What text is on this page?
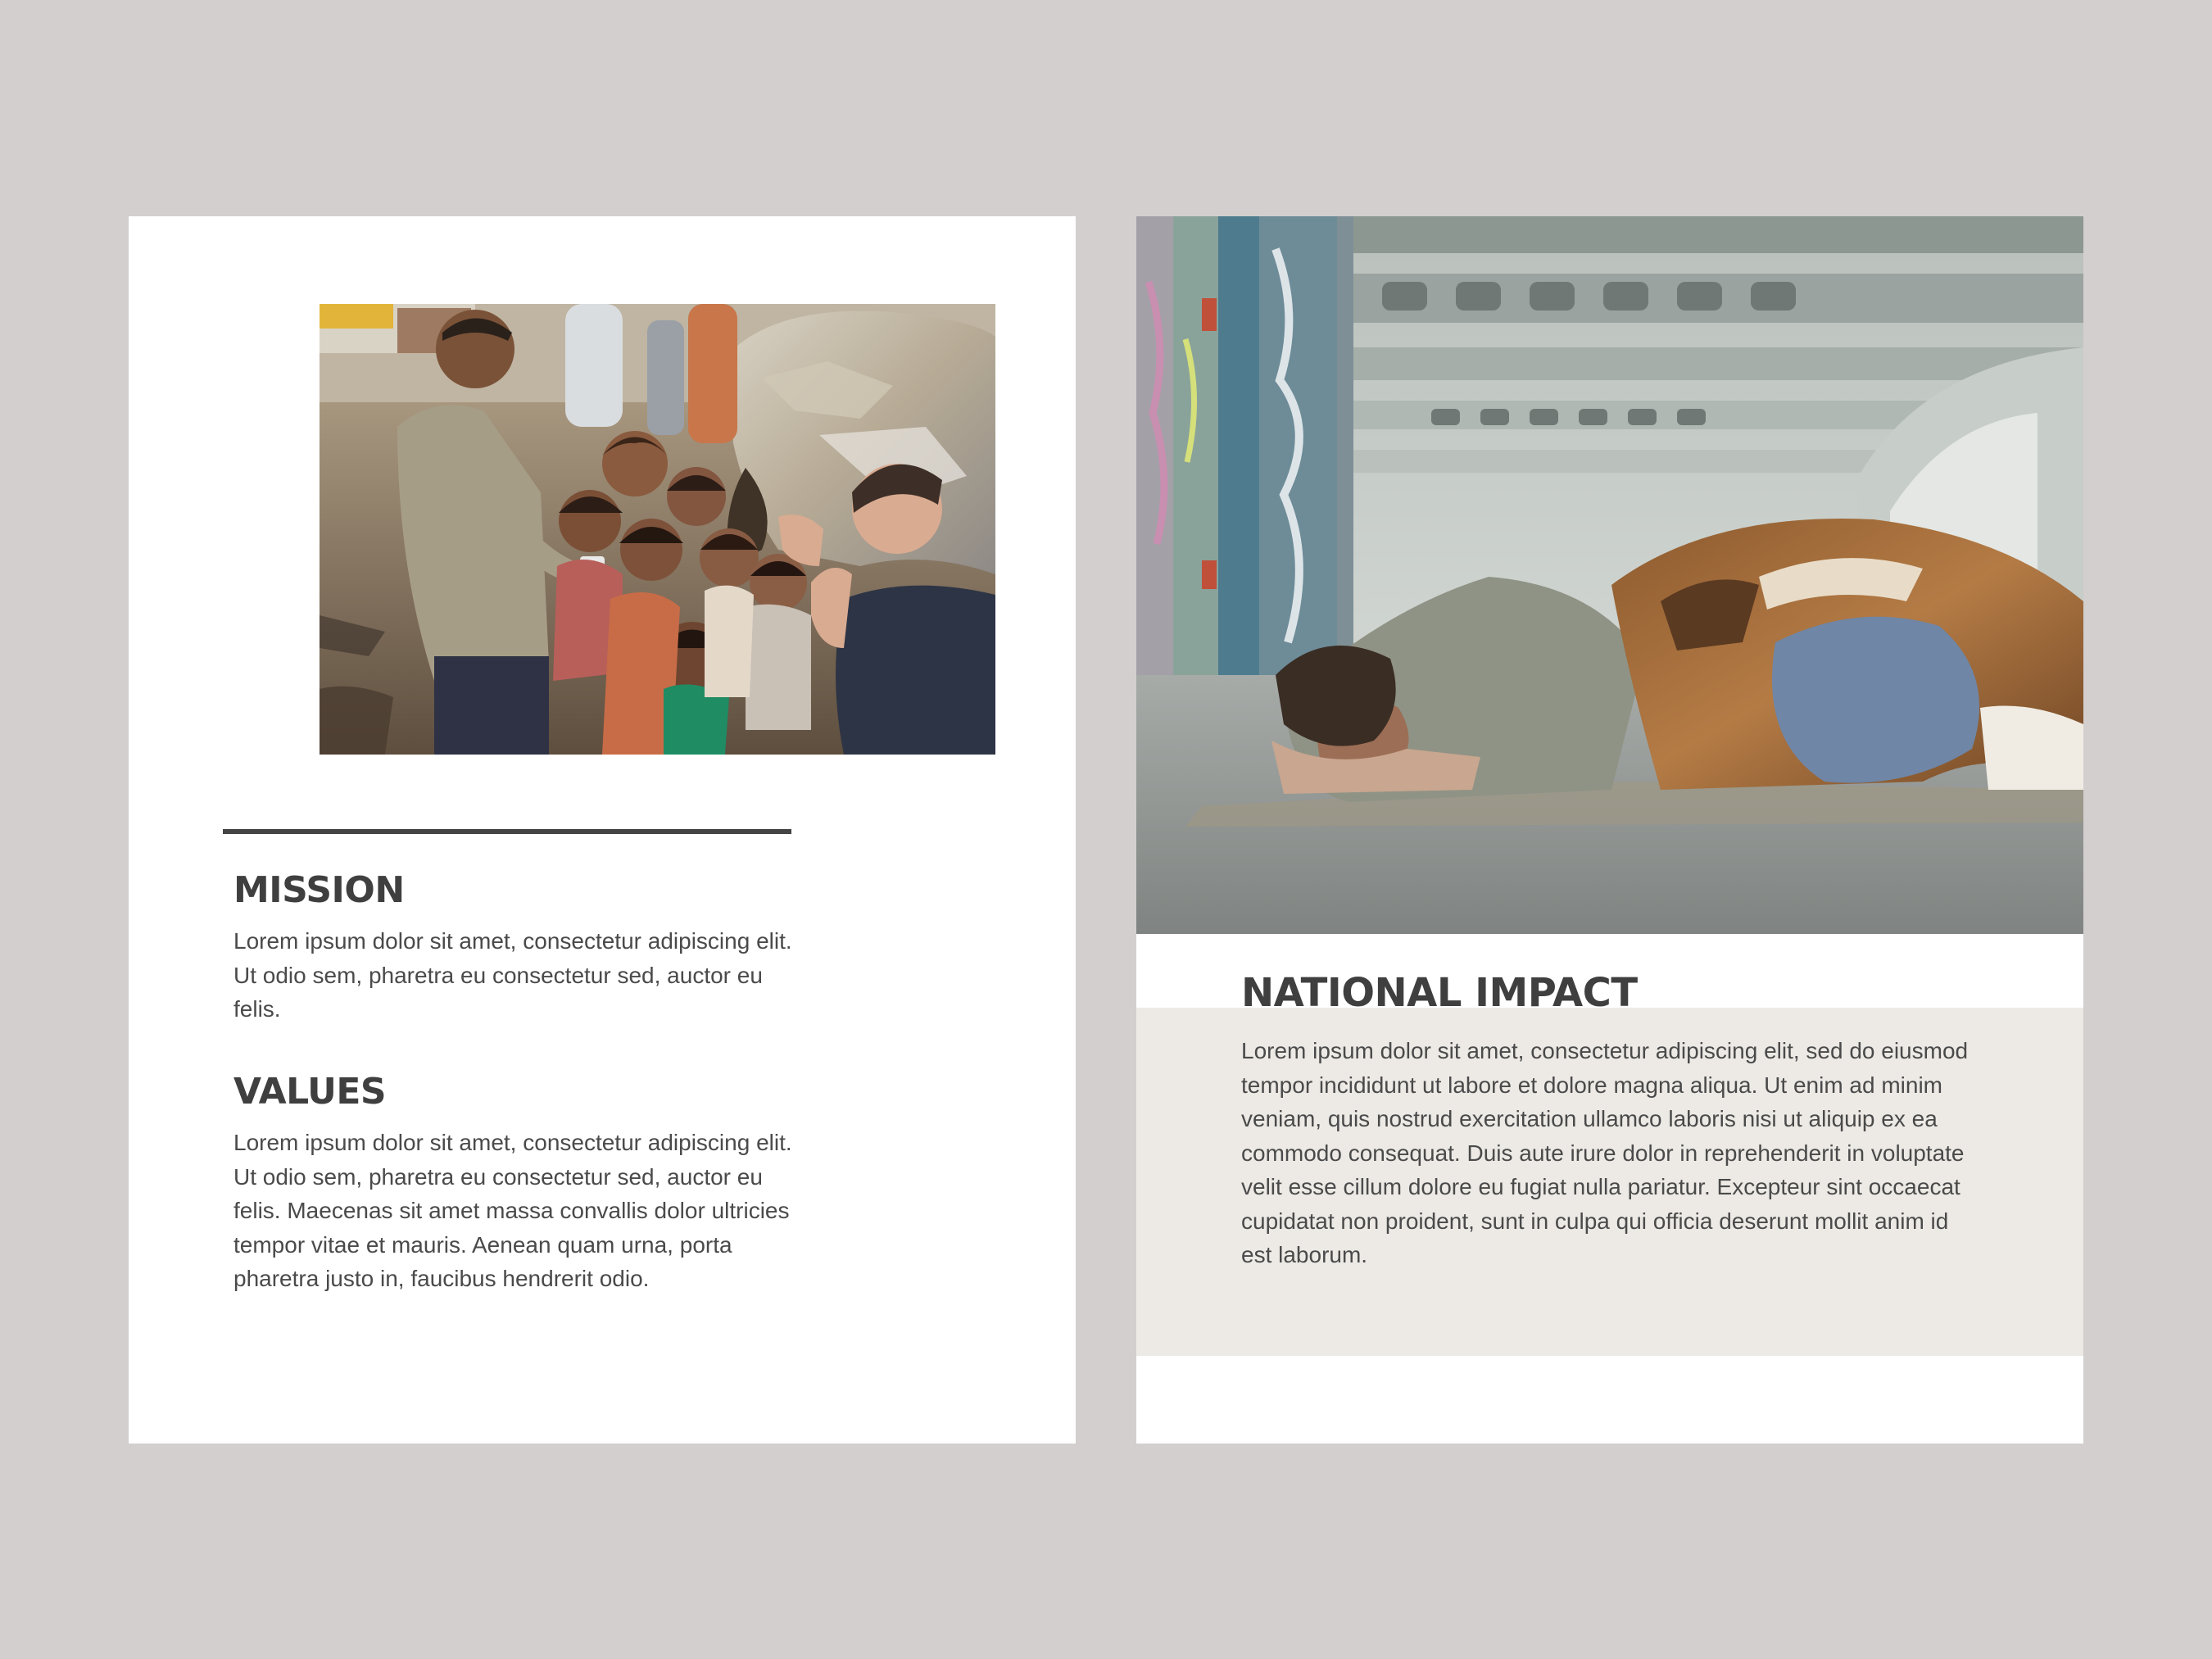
MISSION

Lorem ipsum dolor sit amet, consectetur adipiscing elit. Ut odio sem, pharetra eu consectetur sed, auctor eu felis.

VALUES

Lorem ipsum dolor sit amet, consectetur adipiscing elit. Ut odio sem, pharetra eu consectetur sed, auctor eu felis. Maecenas sit amet massa convallis dolor ultricies tempor vitae et mauris. Aenean quam urna, porta pharetra justo in, faucibus hendrerit odio.

NATIONAL IMPACT

Lorem ipsum dolor sit amet, consectetur adipiscing elit, sed do eiusmod tempor incididunt ut labore et dolore magna aliqua. Ut enim ad minim veniam, quis nostrud exercitation ullamco laboris nisi ut aliquip ex ea commodo consequat. Duis aute irure dolor in reprehenderit in voluptate velit esse cillum dolore eu fugiat nulla pariatur. Excepteur sint occaecat cupidatat non proident, sunt in culpa qui officia deserunt mollit anim id est laborum.
